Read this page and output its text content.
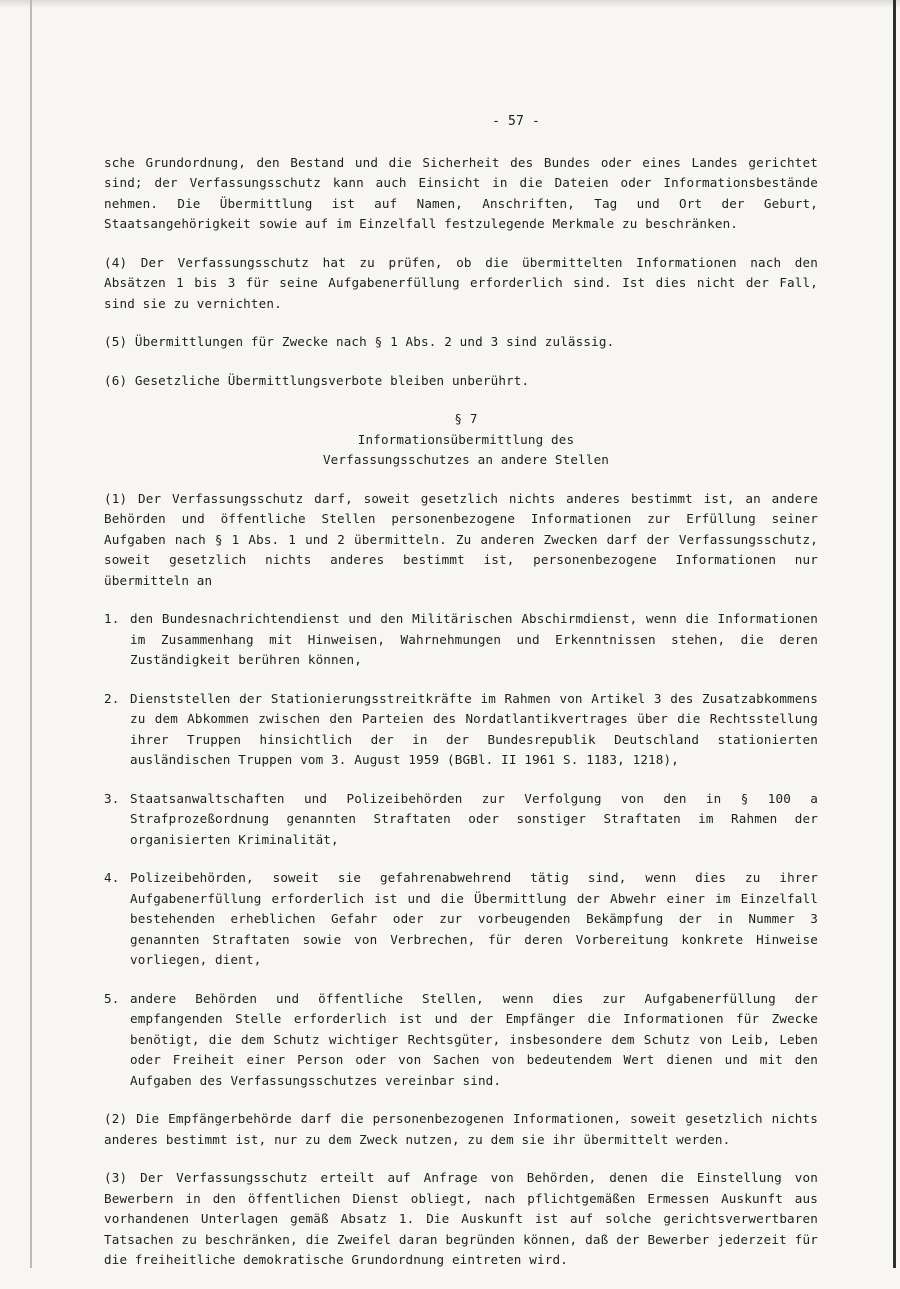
- 57 -

sche Grundordnung, den Bestand und die Sicherheit des Bundes oder eines Landes gerichtet sind; der Verfassungsschutz kann auch Einsicht in die Dateien oder Informationsbestände nehmen. Die Übermittlung ist auf Namen, Anschriften, Tag und Ort der Geburt, Staatsangehörigkeit sowie auf im Einzelfall festzulegende Merkmale zu beschränken.

(4) Der Verfassungsschutz hat zu prüfen, ob die übermittelten Informationen nach den Absätzen 1 bis 3 für seine Aufgabenerfüllung erforderlich sind. Ist dies nicht der Fall, sind sie zu vernichten.

(5) Übermittlungen für Zwecke nach § 1 Abs. 2 und 3 sind zulässig.

(6) Gesetzliche Übermittlungsverbote bleiben unberührt.

§ 7
Informationsübermittlung des
Verfassungsschutzes an andere Stellen

(1) Der Verfassungsschutz darf, soweit gesetzlich nichts anderes bestimmt ist, an andere Behörden und öffentliche Stellen personenbezogene Informationen zur Erfüllung seiner Aufgaben nach § 1 Abs. 1 und 2 übermitteln. Zu anderen Zwecken darf der Verfassungsschutz, soweit gesetzlich nichts anderes bestimmt ist, personenbezogene Informationen nur übermitteln an

1. den Bundesnachrichtendienst und den Militärischen Abschirmdienst, wenn die Informationen im Zusammenhang mit Hinweisen, Wahrnehmungen und Erkenntnissen stehen, die deren Zuständigkeit berühren können,
2. Dienststellen der Stationierungsstreitkräfte im Rahmen von Artikel 3 des Zusatzabkommens zu dem Abkommen zwischen den Parteien des Nordatlantikvertrages über die Rechtsstellung ihrer Truppen hinsichtlich der in der Bundesrepublik Deutschland stationierten ausländischen Truppen vom 3. August 1959 (BGBl. II 1961 S. 1183, 1218),
3. Staatsanwaltschaften und Polizeibehörden zur Verfolgung von den in § 100 a Strafprozeßordnung genannten Straftaten oder sonstiger Straftaten im Rahmen der organisierten Kriminalität,
4. Polizeibehörden, soweit sie gefahrenabwehrend tätig sind, wenn dies zu ihrer Aufgabenerfüllung erforderlich ist und die Übermittlung der Abwehr einer im Einzelfall bestehenden erheblichen Gefahr oder zur vorbeugenden Bekämpfung der in Nummer 3 genannten Straftaten sowie von Verbrechen, für deren Vorbereitung konkrete Hinweise vorliegen, dient,
5. andere Behörden und öffentliche Stellen, wenn dies zur Aufgabenerfüllung der empfangenden Stelle erforderlich ist und der Empfänger die Informationen für Zwecke benötigt, die dem Schutz wichtiger Rechtsgüter, insbesondere dem Schutz von Leib, Leben oder Freiheit einer Person oder von Sachen von bedeutendem Wert dienen und mit den Aufgaben des Verfassungsschutzes vereinbar sind.

(2) Die Empfängerbehörde darf die personenbezogenen Informationen, soweit gesetzlich nichts anderes bestimmt ist, nur zu dem Zweck nutzen, zu dem sie ihr übermittelt werden.

(3) Der Verfassungsschutz erteilt auf Anfrage von Behörden, denen die Einstellung von Bewerbern in den öffentlichen Dienst obliegt, nach pflichtgemäßen Ermessen Auskunft aus vorhandenen Unterlagen gemäß Absatz 1. Die Auskunft ist auf solche gerichtsverwertbaren Tatsachen zu beschränken, die Zweifel daran begründen können, daß der Bewerber jederzeit für die freiheitliche demokratische Grundordnung eintreten wird.
